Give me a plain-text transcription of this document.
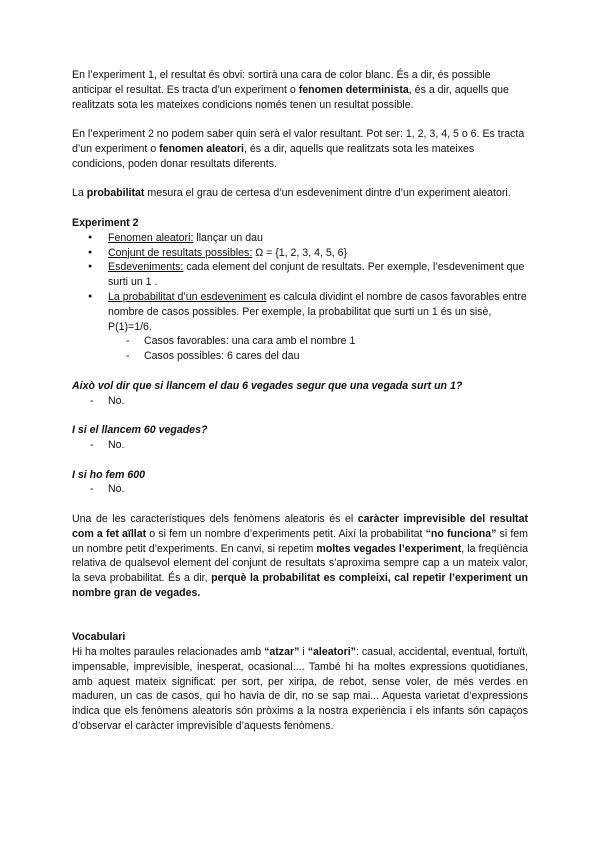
En l’experiment 1, el resultat és obvi: sortirà una cara de color blanc. És a dir, és possible anticipar el resultat. Es tracta d’un experiment o fenomen determinista, és a dir, aquells que realitzats sota les mateixes condicions només tenen un resultat possible.

En l’experiment 2 no podem saber quin serà el valor resultant. Pot ser: 1, 2, 3, 4, 5 o 6. Es tracta d’un experiment o fenomen aleatori, és a dir, aquells que realitzats sota les mateixes condicions, poden donar resultats diferents.

La probabilitat mesura el grau de certesa d’un esdeveniment dintre d’un experiment aleatori.

Experiment 2

● Fenomen aleatori: llançar un dau
● Conjunt de resultats possibles: Ω = {1, 2, 3, 4, 5, 6}
● Esdeveniments: cada element del conjunt de resultats. Per exemple, l’esdeveniment que surti un 1 .
● La probabilitat d’un esdeveniment es calcula dividint el nombre de casos favorables entre nombre de casos possibles. Per exemple, la probabilitat que surti un 1 és un sisè, P(1)=1/6.
- Casos favorables: una cara amb el nombre 1
- Casos possibles: 6 cares del dau

Això vol dir que si llancem el dau 6 vegades segur que una vegada surt un 1?

- No.

I si el llancem 60 vegades?

- No.

I si ho fem 600

- No.

Una de les característiques dels fenòmens aleatoris és el caràcter imprevisible del resultat com a fet aïllat o si fem un nombre d’experiments petit. Així la probabilitat “no funciona” si fem un nombre petit d’experiments. En canvi, si repetim moltes vegades l’experiment, la freqüència relativa de qualsevol element del conjunt de resultats s’aproxima sempre cap a un mateix valor, la seva probabilitat. És a dir, perquè la probabilitat es compleixi, cal repetir l’experiment un nombre gran de vegades.

Vocabulari

Hi ha moltes paraules relacionades amb “atzar” i “aleatori”: casual, accidental, eventual, fortuït, impensable, imprevisible, inesperat, ocasional.... També hi ha moltes expressions quotidianes, amb aquest mateix significat: per sort, per xiripa, de rebot, sense voler, de més verdes en maduren, un cas de casos, qui ho havia de dir, no se sap mai... Aquesta varietat d’expressions indica que els fenòmens aleatoris són pròxims a la nostra experiència i els infants són capaços d’observar el caràcter imprevisible d’aquests fenòmens.
